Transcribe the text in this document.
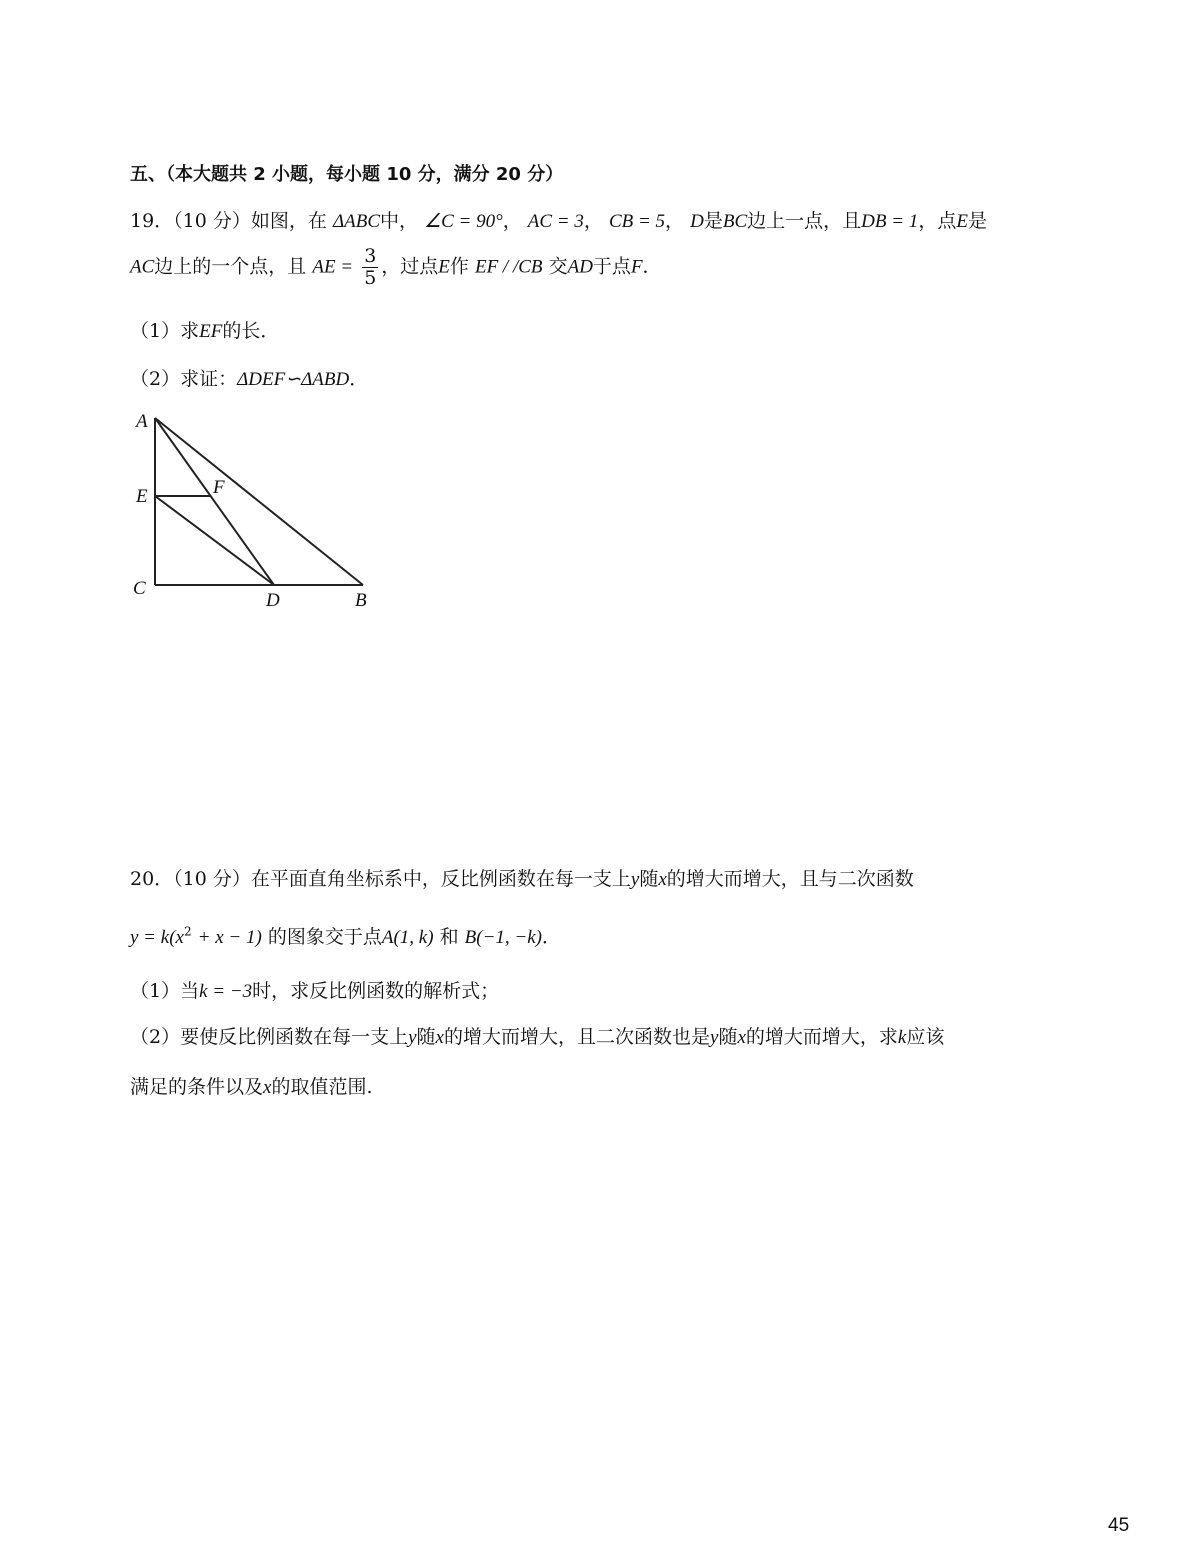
五、（本大题共 2 小题，每小题 10 分，满分 20 分）
19．（10 分）如图，在 ΔABC中， ∠C = 90°， AC = 3， CB = 5， D是BC边上一点，且DB = 1，点E是
AC边上的一个点，且 AE = $\frac{3}{5}$ ，过点E作 EF / /CB 交AD于点F．
（1）求EF的长．
（2）求证：ΔDEF∽ΔABD．
A
E	F
C
D	B
20．（10 分）在平面直角坐标系中，反比例函数在每一支上y随x的增大而增大，且与二次函数
$y = k(x^2 + x - 1)$ 的图象交于点A(1, k) 和 B(−1, −k)．
（1）当k = −3时，求反比例函数的解析式；
（2）要使反比例函数在每一支上y随x的增大而增大，且二次函数也是y随x的增大而增大，求k应该
满足的条件以及x的取值范围.
45
